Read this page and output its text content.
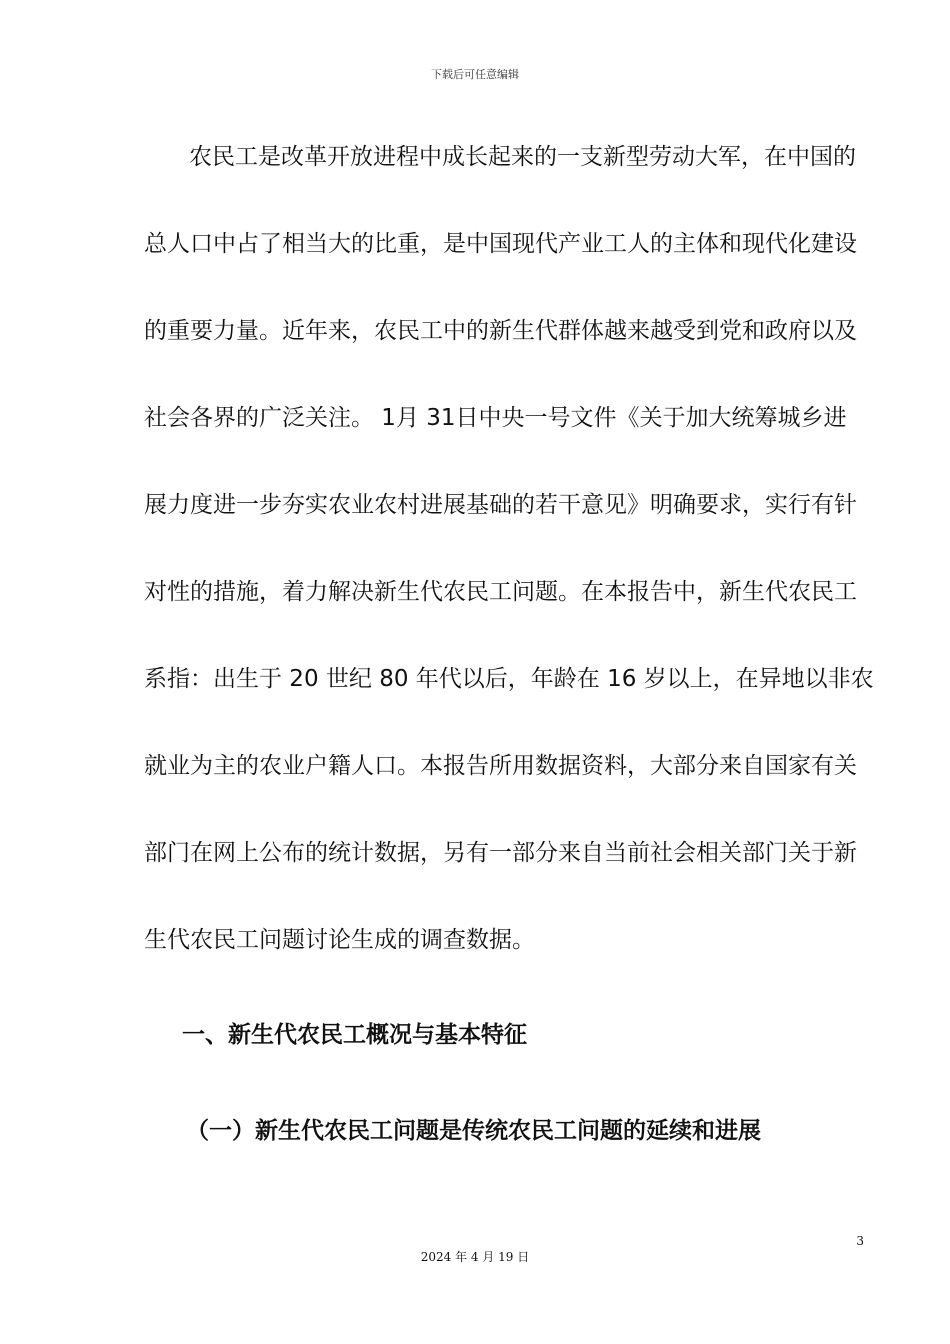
下载后可任意编辑
农民工是改革开放进程中成长起来的一支新型劳动大军，在中国的
总人口中占了相当大的比重，是中国现代产业工人的主体和现代化建设
的重要力量。近年来，农民工中的新生代群体越来越受到党和政府以及
社会各界的广泛关注。 1月 31日中央一号文件《关于加大统筹城乡进
展力度进一步夯实农业农村进展基础的若干意见》明确要求，实行有针
对性的措施，着力解决新生代农民工问题。在本报告中，新生代农民工
系指：出生于 20 世纪 80 年代以后，年龄在 16 岁以上，在异地以非农
就业为主的农业户籍人口。本报告所用数据资料，大部分来自国家有关
部门在网上公布的统计数据，另有一部分来自当前社会相关部门关于新
生代农民工问题讨论生成的调查数据。
一、新生代农民工概况与基本特征
（一）新生代农民工问题是传统农民工问题的延续和进展
3
2024 年 4 月 19 日
